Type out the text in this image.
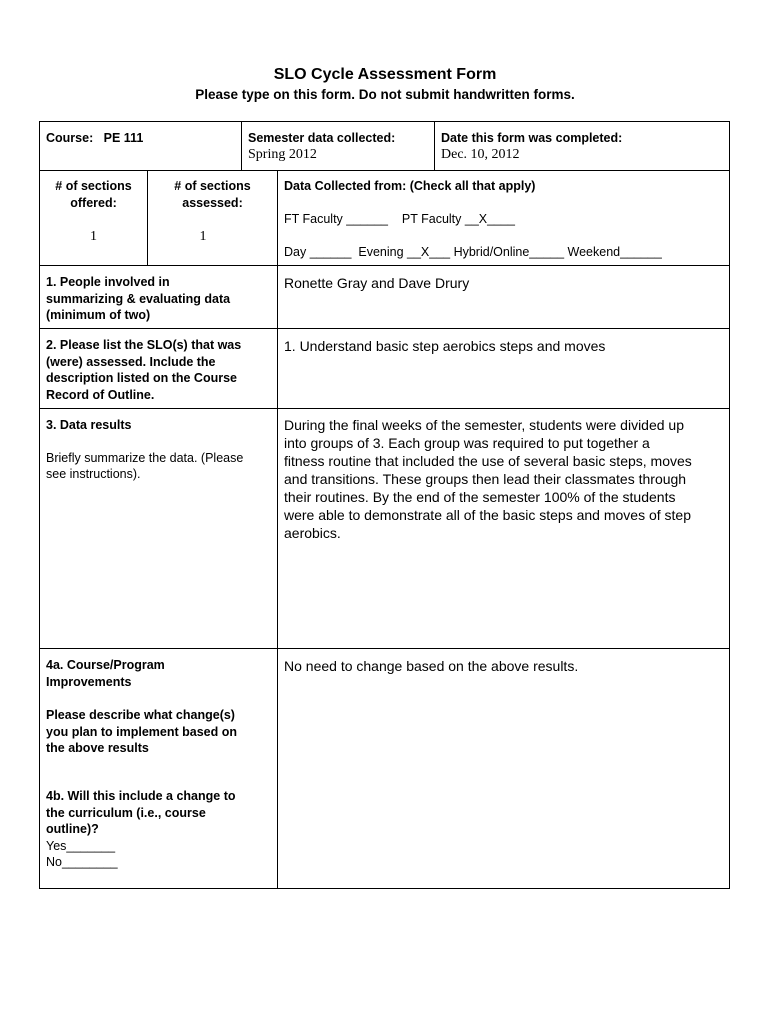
SLO Cycle Assessment Form
Please type on this form. Do not submit handwritten forms.
Course: PE 111	Semester data collected:
Spring 2012
Date this form was completed:
Dec. 10, 2012
# of sections
offered:
1
# of sections
assessed:
1
Data Collected from: (Check all that apply)
FT Faculty ______    PT Faculty __X____
Day ______  Evening __X___ Hybrid/Online_____ Weekend______
1. People involved in
summarizing & evaluating data
(minimum of two)
Ronette Gray and Dave Drury
2. Please list the SLO(s) that was
(were) assessed. Include the
description listed on the Course
Record of Outline.
1. Understand basic step aerobics steps and moves
3. Data results
Briefly summarize the data. (Please
see instructions).
During the final weeks of the semester, students were divided up
into groups of 3. Each group was required to put together a
fitness routine that included the use of several basic steps, moves
and transitions. These groups then lead their classmates through
their routines. By the end of the semester 100% of the students
were able to demonstrate all of the basic steps and moves of step
aerobics.
4a. Course/Program
Improvements
Please describe what change(s)
you plan to implement based on
the above results
4b. Will this include a change to
the curriculum (i.e., course
outline)?
Yes_______
No________
No need to change based on the above results.
